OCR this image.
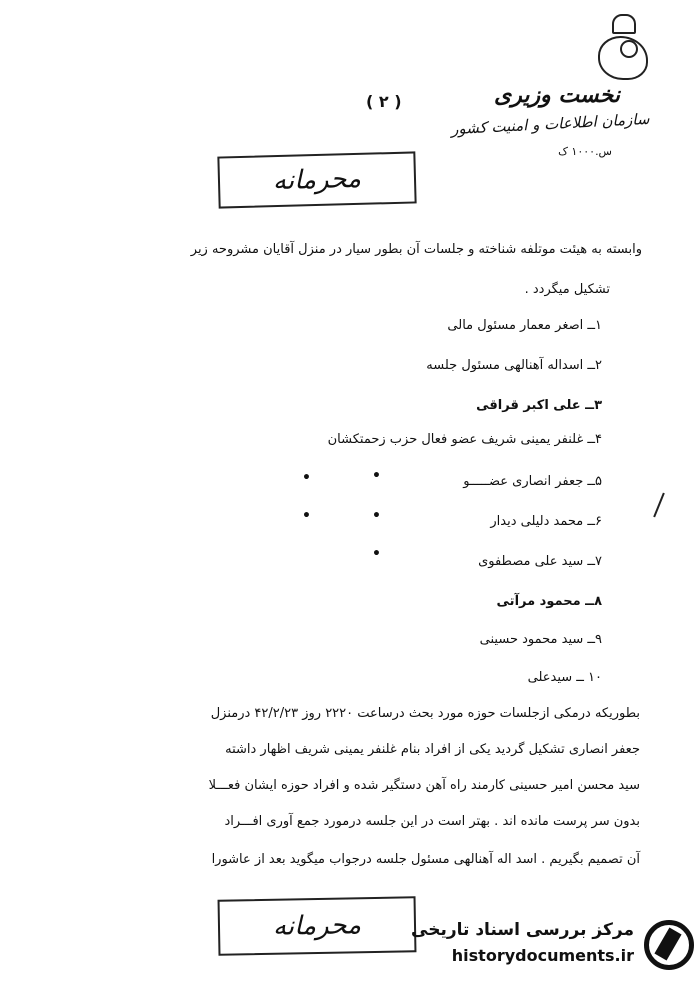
نخست وزیری
سازمان اطلاعات و امنیت کشور
س.۱۰۰۰ ک
( ۲ )
محرمانه
وابسته به هیئت موتلفه شناخته و جلسات آن بطور سیار در منزل آقایان مشروحه زیر
تشکیل میگردد .
۱ــ اصغر معمار مسئول مالی
۲ــ اسداله آهنالهی مسئول جلسه
۳ــ علی اکبر قراقی
۴ــ غلنفر یمینی شریف عضو فعال حزب زحمتکشان
۵ــ جعفر انصاری عضـــــو
۶ــ محمد دلیلی دیدار
۷ــ سید علی مصطفوی
۸ــ محمود مرآتی
۹ــ سید محمود حسینی
۱۰ ــ سیدعلی
•	•
•	•
•
بطوریکه درمکی ازجلسات حوزه مورد بحث درساعت ۲۲۲۰ روز ۴۲/۲/۲۳ درمنزل
جعفر انصاری تشکیل گردید یکی از افراد بنام غلنفر یمینی شریف اظهار داشته
سید محسن امیر حسینی کارمند راه آهن دستگیر شده و افراد حوزه ایشان فعـــلا
بدون سر پرست مانده اند . بهتر است در این جلسه درمورد جمع آوری افـــراد
آن تصمیم بگیریم . اسد اله آهنالهی مسئول جلسه درجواب میگوید بعد از عاشورا
محرمانه	مرکز بررسی اسناد تاریخی
historydocuments.ir
